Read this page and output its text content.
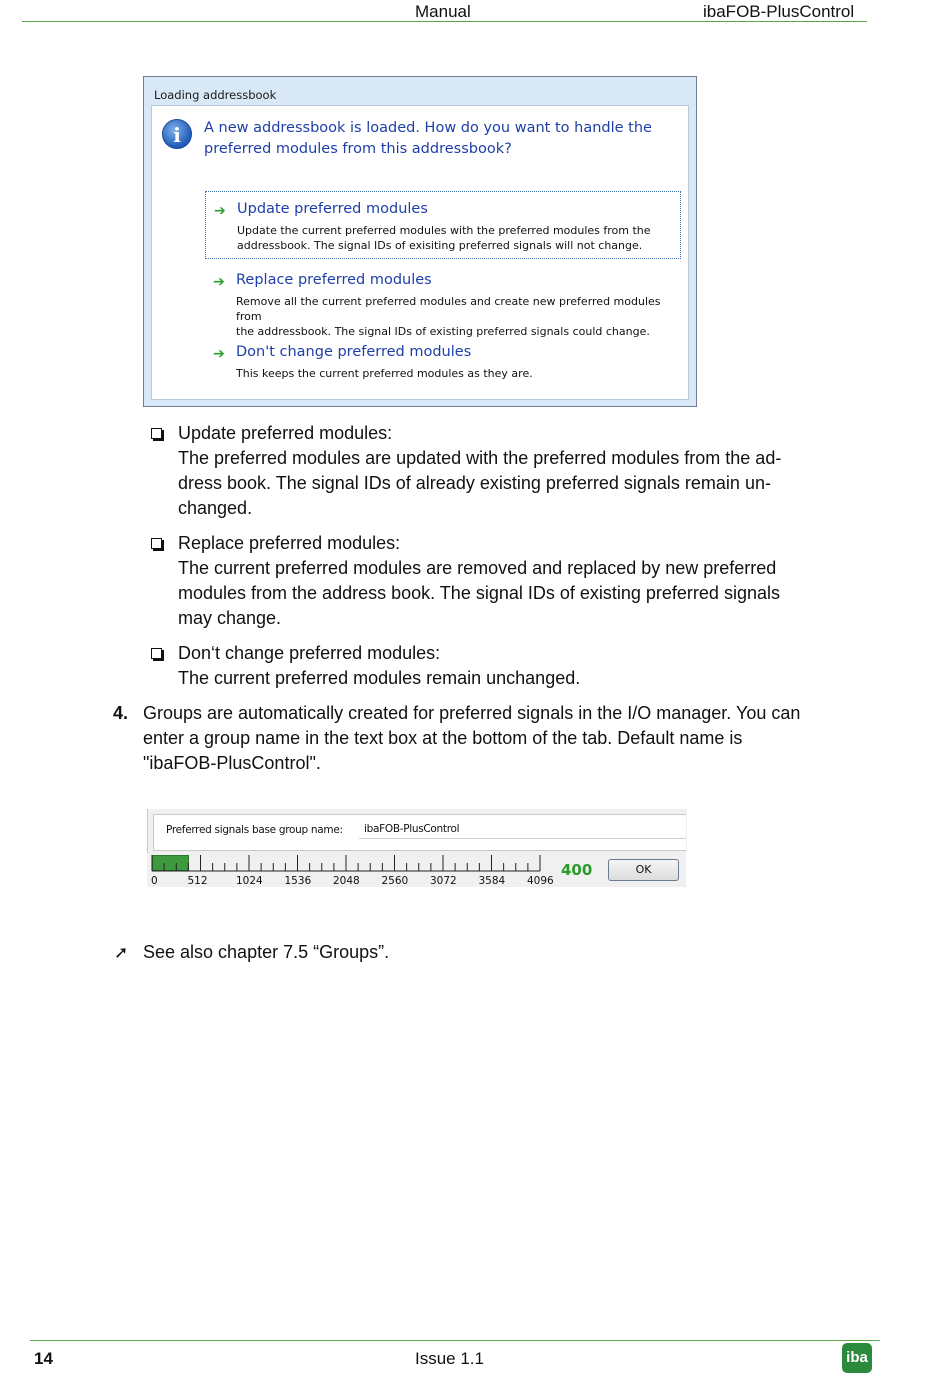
Manual	ibaFOB-PlusControl
Loading addressbook
i	A new addressbook is loaded. How do you want to handle the
preferred modules from this addressbook?
➔ Update preferred modules
Update the current preferred modules with the preferred modules from the
addressbook. The signal IDs of exisiting preferred signals will not change.
➔ Replace preferred modules
Remove all the current preferred modules and create new preferred modules from
the addressbook. The signal IDs of existing preferred signals could change.
➔ Don't change preferred modules
This keeps the current preferred modules as they are.
Update preferred modules:
The preferred modules are updated with the preferred modules from the ad-
dress book. The signal IDs of already existing preferred signals remain un-
changed.
Replace preferred modules:
The current preferred modules are removed and replaced by new preferred
modules from the address book. The signal IDs of existing preferred signals
may change.
Don‘t change preferred modules:
The current preferred modules remain unchanged.
4. Groups are automatically created for preferred signals in the I/O manager. You can
enter a group name in the text box at the bottom of the tab. Default name is
"ibaFOB-PlusControl".
Preferred signals base group name:	ibaFOB-PlusControl
0	512	1024 1536 2048 2560 3072 3584 4096
400	OK
➚ See also chapter 7.5 “Groups”.
14	Issue 1.1	iba
